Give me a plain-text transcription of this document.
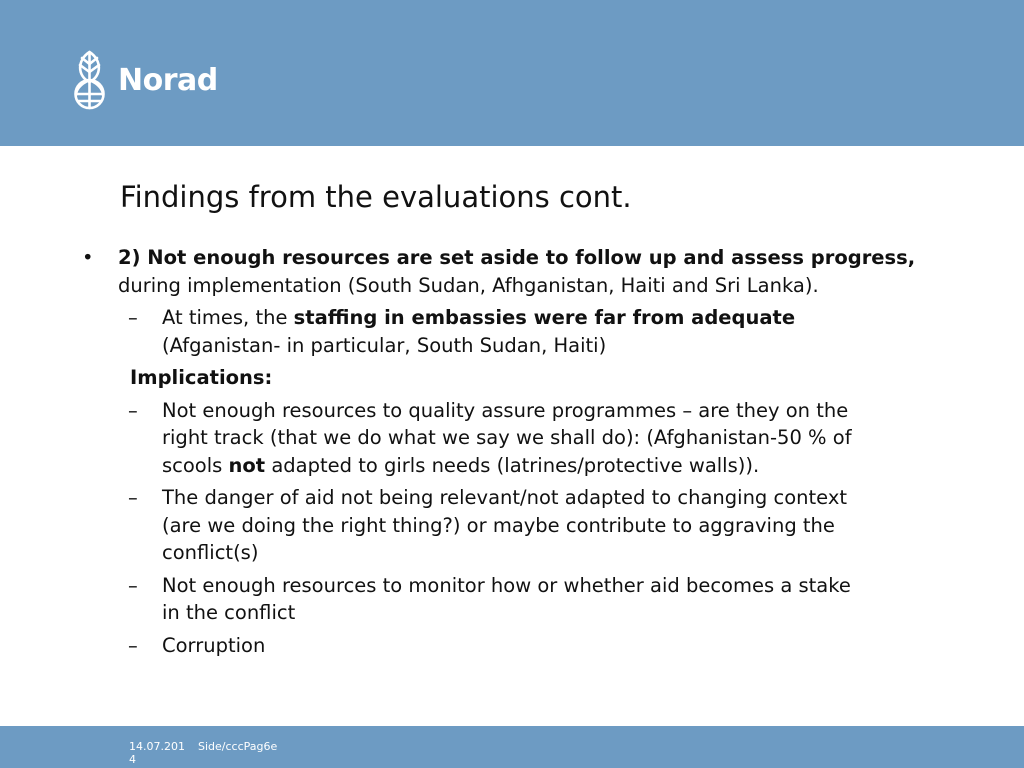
Norad
Findings from the evaluations cont.

• 2) Not enough resources are set aside to follow up and assess progress, during implementation (South Sudan, Afhganistan, Haiti and Sri Lanka).

– At times, the staffing in embassies were far from adequate (Afganistan- in particular, South Sudan, Haiti)
Implications:
– Not enough resources to quality assure programmes – are they on the right track (that we do what we say we shall do): (Afghanistan-50 % of scools not adapted to girls needs (latrines/protective walls)).
– The danger of aid not being relevant/not adapted to changing context (are we doing the right thing?) or maybe contribute to aggraving the conflict(s)
– Not enough resources to monitor how or whether aid becomes a stake in the conflict
– Corruption
14.07.2014
Side/cccPag6e
